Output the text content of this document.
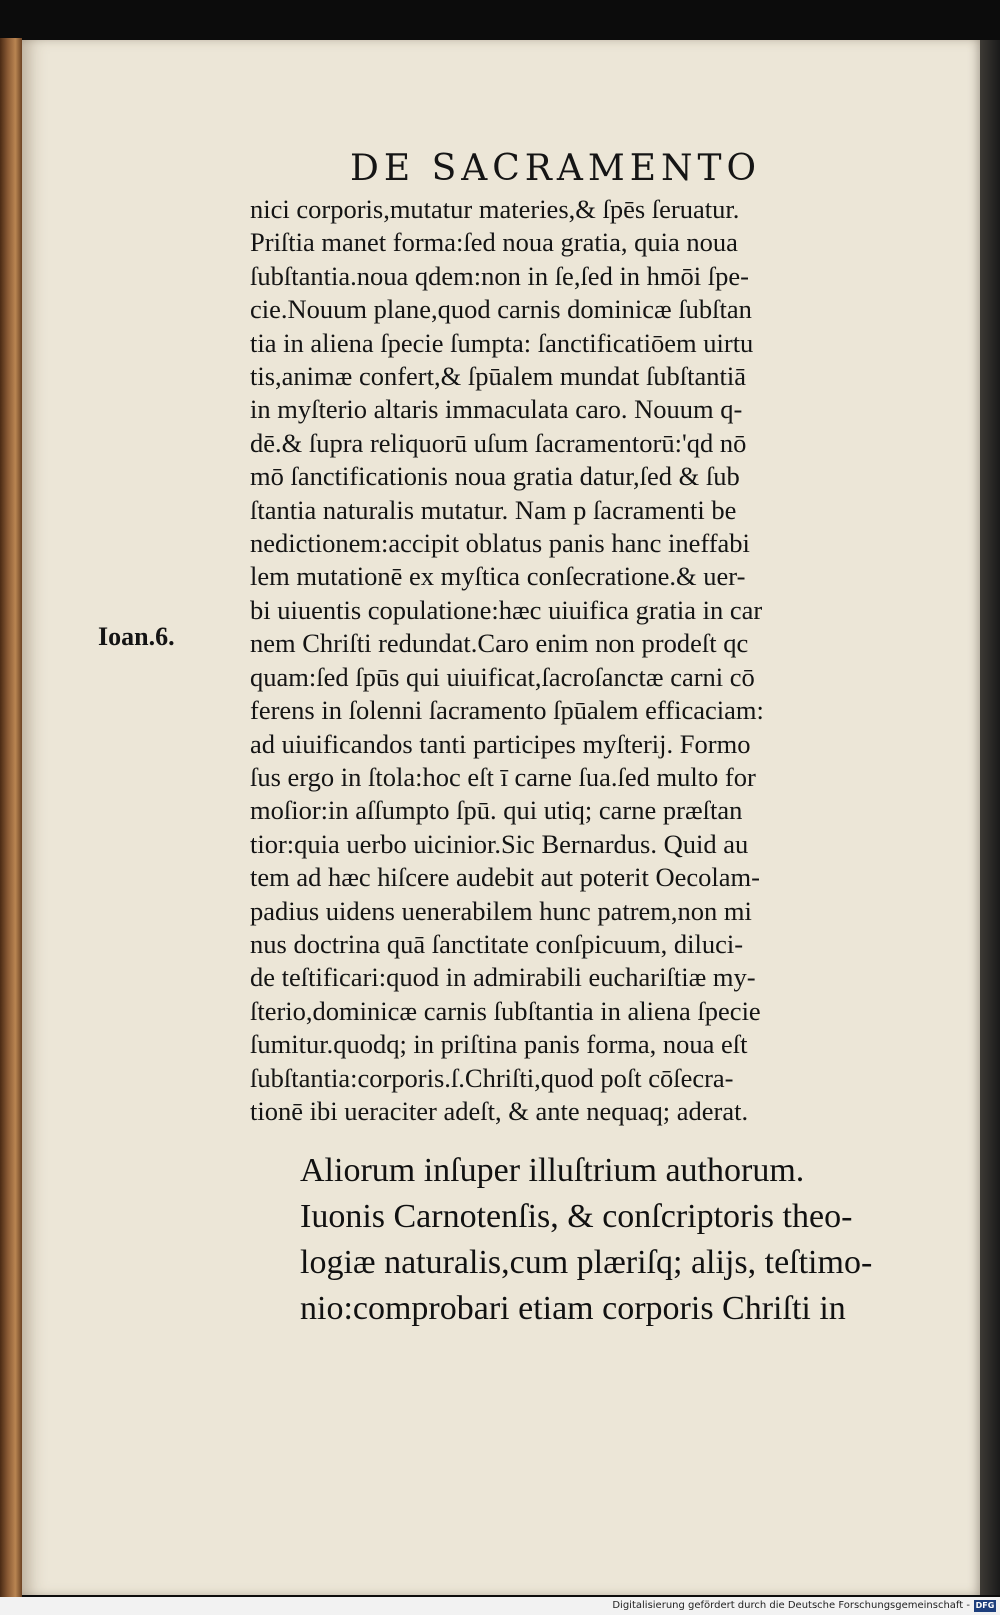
DE SACRAMENTO
Ioan.6.
nici corporis,mutatur materies,& ſpēs ſeruatur.
Priſtia manet forma:ſed noua gratia, quia noua
ſubſtantia.noua qdem:non in ſe,ſed in hmōi ſpe-
cie.Nouum plane,quod carnis dominicæ ſubſtan
tia in aliena ſpecie ſumpta: ſanctificatiōem uirtu
tis,animæ confert,& ſpūalem mundat ſubſtantiā
in myſterio altaris immaculata caro. Nouum q-
dē.& ſupra reliquorū uſum ſacramentorū:'qd nō
mō ſanctificationis noua gratia datur,ſed & ſub
ſtantia naturalis mutatur. Nam p ſacramenti be
nedictionem:accipit oblatus panis hanc ineffabi
lem mutationē ex myſtica conſecratione.& uer-
bi uiuentis copulatione:hæc uiuifica gratia in car
nem Chriſti redundat.Caro enim non prodeſt qc
quam:ſed ſpūs qui uiuificat,ſacroſanctæ carni cō
ferens in ſolenni ſacramento ſpūalem efficaciam:
ad uiuificandos tanti participes myſterij. Formo
ſus ergo in ſtola:hoc eſt ī carne ſua.ſed multo for
moſior:in aſſumpto ſpū. qui utiq; carne præſtan
tior:quia uerbo uicinior.Sic Bernardus. Quid au
tem ad hæc hiſcere audebit aut poterit Oecolam-
padius uidens uenerabilem hunc patrem,non mi
nus doctrina quā ſanctitate conſpicuum, diluci-
de teſtificari:quod in admirabili euchariſtiæ my-
ſterio,dominicæ carnis ſubſtantia in aliena ſpecie
ſumitur.quodq; in priſtina panis forma, noua eſt
ſubſtantia:corporis.ſ.Chriſti,quod poſt cōſecra-
tionē ibi ueraciter adeſt, & ante nequaq; aderat.
Aliorum inſuper illuſtrium authorum.
Iuonis Carnotenſis, & conſcriptoris theo-
logiæ naturalis,cum plæriſq; alijs, teſtimo-
nio:comprobari etiam corporis Chriſti in
Digitalisierung gefördert durch die Deutsche Forschungsgemeinschaft - DFG
